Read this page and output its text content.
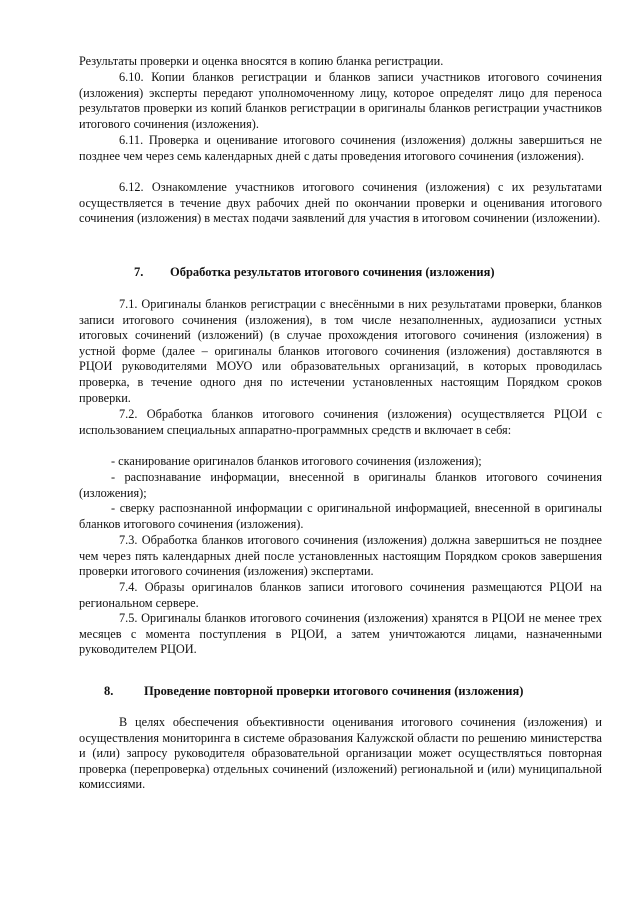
Результаты проверки и оценка вносятся в копию бланка регистрации.

6.10. Копии бланков регистрации и бланков записи участников итогового сочинения (изложения) эксперты передают уполномоченному лицу, которое определят лицо для переноса результатов проверки из копий бланков регистрации в оригиналы бланков регистрации участников итогового сочинения (изложения).

6.11. Проверка и оценивание итогового сочинения (изложения) должны завершиться не позднее чем через семь календарных дней с даты проведения итогового сочинения (изложения).

6.12. Ознакомление участников итогового сочинения (изложения) с их результатами осуществляется в течение двух рабочих дней по окончании проверки и оценивания итогового сочинения (изложения) в местах подачи заявлений для участия в итоговом сочинении (изложении).

7. Обработка результатов итогового сочинения (изложения)

7.1. Оригиналы бланков регистрации с внесёнными в них результатами проверки, бланков записи итогового сочинения (изложения), в том числе незаполненных, аудиозаписи устных итоговых сочинений (изложений) (в случае прохождения итогового сочинения (изложения) в устной форме (далее – оригиналы бланков итогового сочинения (изложения) доставляются в РЦОИ руководителями МОУО или образовательных организаций, в которых проводилась проверка, в течение одного дня по истечении установленных настоящим Порядком сроков проверки.

7.2. Обработка бланков итогового сочинения (изложения) осуществляется РЦОИ с использованием специальных аппаратно-программных средств и включает в себя:

- сканирование оригиналов бланков итогового сочинения (изложения);

- распознавание информации, внесенной в оригиналы бланков итогового сочинения (изложения);

- сверку распознанной информации с оригинальной информацией, внесенной в оригиналы бланков итогового сочинения (изложения).

7.3. Обработка бланков итогового сочинения (изложения) должна завершиться не позднее чем через пять календарных дней после установленных настоящим Порядком сроков завершения проверки итогового сочинения (изложения) экспертами.

7.4. Образы оригиналов бланков записи итогового сочинения размещаются РЦОИ на региональном сервере.

7.5. Оригиналы бланков итогового сочинения (изложения) хранятся в РЦОИ не менее трех месяцев с момента поступления в РЦОИ, а затем уничтожаются лицами, назначенными руководителем РЦОИ.

8. Проведение повторной проверки итогового сочинения (изложения)

В целях обеспечения объективности оценивания итогового сочинения (изложения) и осуществления мониторинга в системе образования Калужской области по решению министерства и (или) запросу руководителя образовательной организации может осуществляться повторная проверка (перепроверка) отдельных сочинений (изложений) региональной и (или) муниципальной комиссиями.
